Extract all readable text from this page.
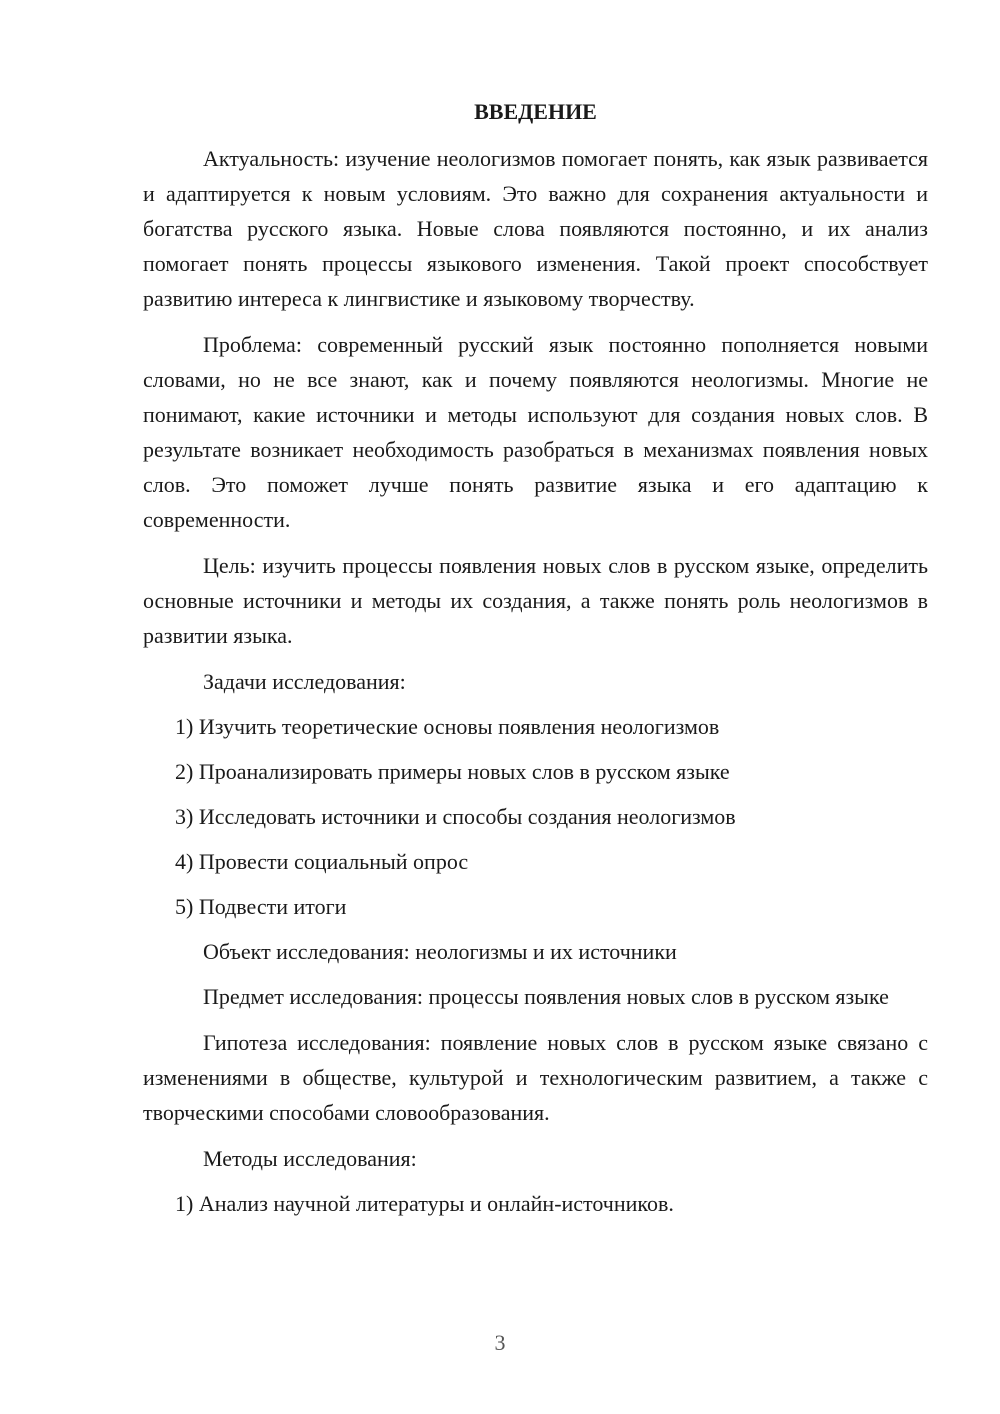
ВВЕДЕНИЕ

Актуальность: изучение неологизмов помогает понять, как язык развивается и адаптируется к новым условиям. Это важно для сохранения актуальности и богатства русского языка. Новые слова появляются постоянно, и их анализ помогает понять процессы языкового изменения. Такой проект способствует развитию интереса к лингвистике и языковому творчеству.

Проблема: современный русский язык постоянно пополняется новыми словами, но не все знают, как и почему появляются неологизмы. Многие не понимают, какие источники и методы используют для создания новых слов. В результате возникает необходимость разобраться в механизмах появления новых слов. Это поможет лучше понять развитие языка и его адаптацию к современности.

Цель: изучить процессы появления новых слов в русском языке, определить основные источники и методы их создания, а также понять роль неологизмов в развитии языка.

Задачи исследования:

1) Изучить теоретические основы появления неологизмов

2) Проанализировать примеры новых слов в русском языке

3) Исследовать источники и способы создания неологизмов

4) Провести социальный опрос

5) Подвести итоги

Объект исследования: неологизмы и их источники

Предмет исследования: процессы появления новых слов в русском языке

Гипотеза исследования: появление новых слов в русском языке связано с изменениями в обществе, культурой и технологическим развитием, а также с творческими способами словообразования.

Методы исследования:

1) Анализ научной литературы и онлайн-источников.

3
